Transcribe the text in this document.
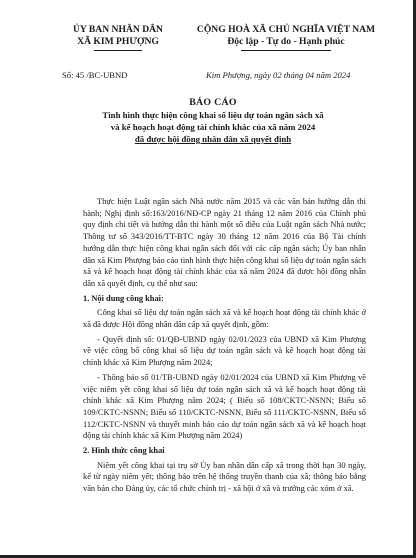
ỦY BAN NHÂN DÂN
XÃ KIM PHƯỢNG
CỘNG HOÀ XÃ CHỦ NGHĨA VIỆT NAM
Độc lập - Tự do - Hạnh phúc
Số: 45 /BC-UBND	Kim Phượng, ngày 02 tháng 04 năm 2024
BÁO CÁO
Tình hình thực hiện công khai số liệu dự toán ngân sách xã
và kế hoạch hoạt động tài chính khác của xã năm 2024
đã được hội đồng nhân dân xã quyết định

Thực hiện Luật ngân sách Nhà nước năm 2015 và các văn bản hướng dẫn thi hành; Nghị định số:163/2016/NĐ-CP ngày 21 tháng 12 năm 2016 của Chính phủ quy định chi tiết và hướng dẫn thi hành một số điều của Luật ngân sách Nhà nước; Thông tư số 343/2016/TT-BTC ngày 30 tháng 12 năm 2016 của Bộ Tài chính hướng dẫn thực hiện công khai ngân sách đối với các cấp ngân sách; Ủy ban nhân dân xã Kim Phượng báo cáo tình hình thực hiện công khai số liệu dự toán ngân sách xã và kế hoạch hoạt động tài chính khác của xã năm 2024 đã được hội đồng nhân dân xã quyết định, cụ thể như sau:

1. Nội dung công khai:

Công khai số liệu dự toán ngân sách xã và kế hoạch hoạt động tài chính khác ở xã đã được Hội đồng nhân dân cấp xã quyết định, gồm:

- Quyết định số: 01/QĐ-UBND ngày 02/01/2023 của UBND xã Kim Phượng về việc công bố công khai số liệu dự toán ngân sách và kế hoạch hoạt động tài chính khác xã Kim Phượng năm 2024;

- Thông báo số 01/TB-UBND ngày 02/01/2024 của UBND xã Kim Phượng về việc niêm yết công khai số liệu dự toán ngân sách xã và kế hoạch hoạt động tài chính khác xã Kim Phượng năm 2024; ( Biểu số 108/CKTC-NSNN; Biểu số 109/CKTC-NSNN; Biểu số 110/CKTC-NSNN, Biểu số 111/CKTC-NSNN, Biểu số 112/CKTC-NSNN và thuyết minh báo cáo dự toán ngân sách xã và kế hoạch hoạt động tài chính khác xã Kim Phượng năm 2024)

2. Hình thức công khai

Niêm yết công khai tại trụ sở Ủy ban nhân dân cấp xã trong thời hạn 30 ngày, kể từ ngày niêm yết; thông báo trên hệ thống truyền thanh của xã; thông báo bằng văn bản cho Đảng ủy, các tổ chức chính trị - xã hội ở xã và trưởng các xóm ở xã.
